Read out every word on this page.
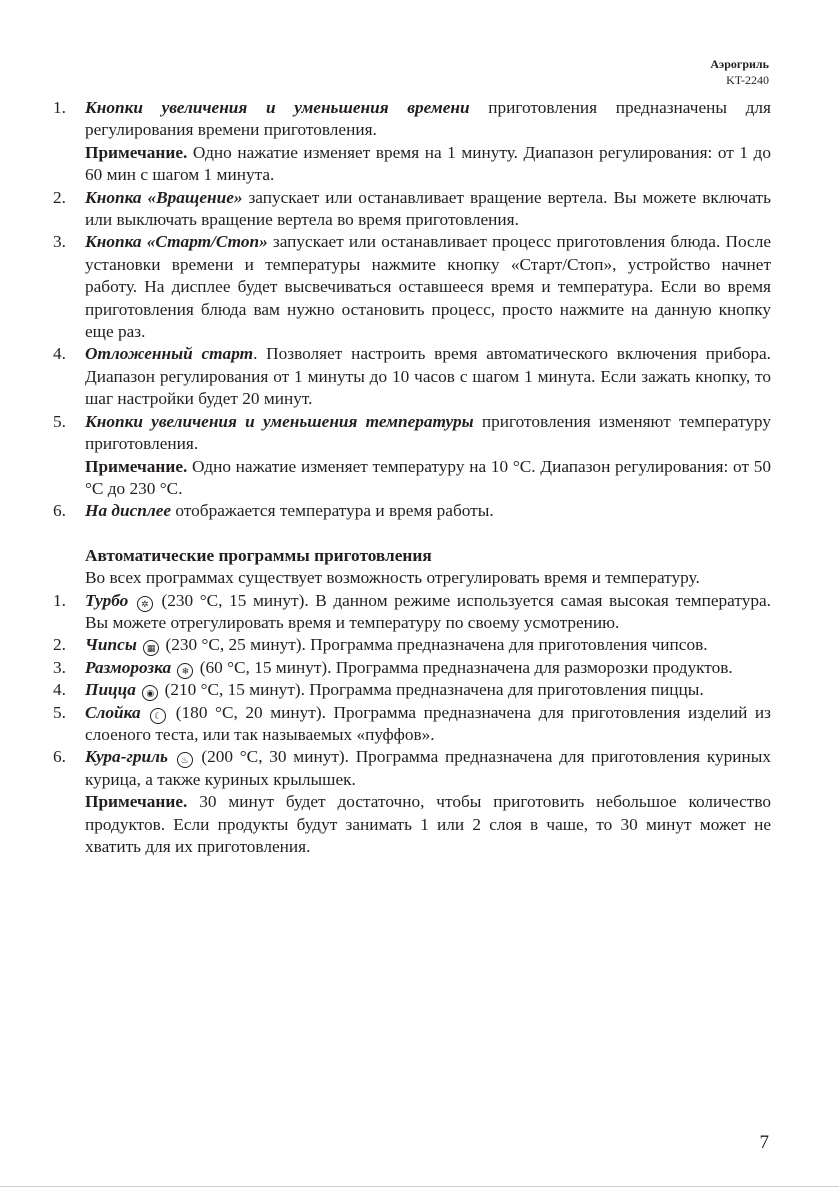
Аэрогриль
KT-2240
1.	Кнопки увеличения и уменьшения времени приготовления предназначены для регулирования времени приготовления.

Примечание. Одно нажатие изменяет время на 1 минуту. Диапазон регулирования: от 1 до 60 мин с шагом 1 минута.

2.	Кнопка «Вращение» запускает или останавливает вращение вертела. Вы можете включать или выключать вращение вертела во время приготовления.

3.	Кнопка «Старт/Стоп» запускает или останавливает процесс приготовления блюда. После установки времени и температуры нажмите кнопку «Старт/Стоп», устройство начнет работу. На дисплее будет высвечиваться оставшееся время и температура. Если во время приготовления блюда вам нужно остановить процесс, просто нажмите на данную кнопку еще раз.

4.	Отложенный старт. Позволяет настроить время автоматического включения прибора. Диапазон регулирования от 1 минуты до 10 часов с шагом 1 минута. Если зажать кнопку, то шаг настройки будет 20 минут.

5.	Кнопки увеличения и уменьшения температуры приготовления изменяют температуру приготовления.

Примечание. Одно нажатие изменяет температуру на 10 °С. Диапазон регулирования: от 50 °С до 230 °С.

6.	На дисплее отображается температура и время работы.

Автоматические программы приготовления
Во всех программах существует возможность отрегулировать время и температуру.
1.	Турбо ✲ (230 °С, 15 минут). В данном режиме используется самая высокая температура. Вы можете отрегулировать время и температуру по своему усмотрению.

2.	Чипсы ▦ (230 °С, 25 минут). Программа предназначена для приготовления чипсов.

3.	Разморозка ❄ (60 °С, 15 минут). Программа предназначена для разморозки продуктов.

4.	Пицца ◉ (210 °С, 15 минут). Программа предназначена для приготовления пиццы.

5.	Слойка ☾ (180 °С, 20 минут). Программа предназначена для приготовления изделий из слоеного теста, или так называемых «пуффов».

6.	Кура-гриль ♨ (200 °С, 30 минут). Программа предназначена для приготовления куриных курица, а также куриных крылышек.

Примечание. 30 минут будет достаточно, чтобы приготовить небольшое количество продуктов. Если продукты будут занимать 1 или 2 слоя в чаше, то 30 минут может не хватить для их приготовления.

7
